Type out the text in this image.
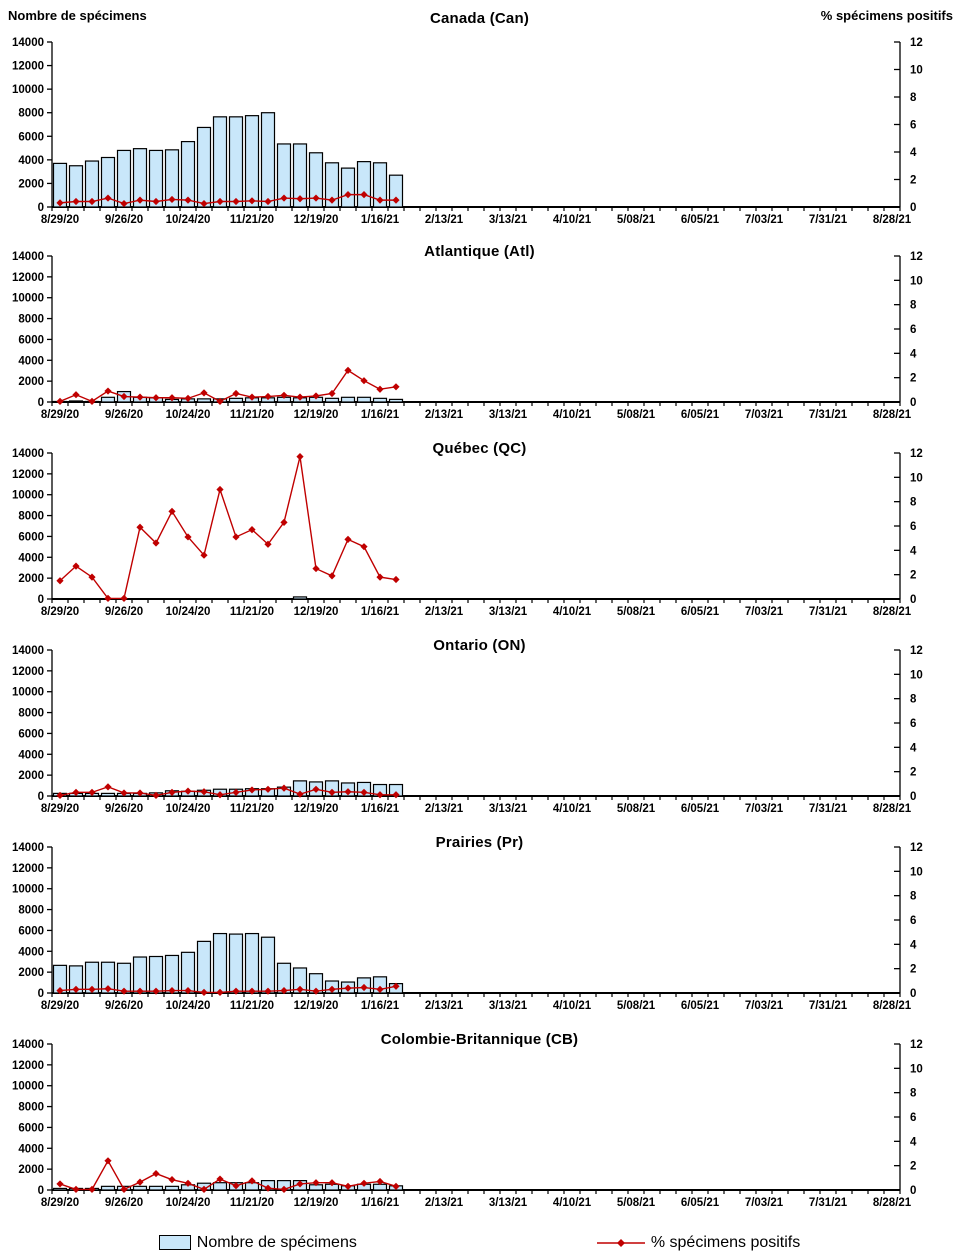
Nombre de spécimens	% spécimens positifs
Canada (Can)
0
2000
4000
6000
8000
10000
12000
14000
0
2
4
6
8
10
12
8/29/20 9/26/20 10/24/20 11/21/20 12/19/20 1/16/21 2/13/21 3/13/21 4/10/21 5/08/21 6/05/21 7/03/21 7/31/21 8/28/21
Atlantique (Atl)
0
2000
4000
6000
8000
10000
12000
14000
0
2
4
6
8
10
12
8/29/20 9/26/20 10/24/20 11/21/20 12/19/20 1/16/21 2/13/21 3/13/21 4/10/21 5/08/21 6/05/21 7/03/21 7/31/21 8/28/21
Québec (QC)
0
2000
4000
6000
8000
10000
12000
14000
0
2
4
6
8
10
12
8/29/20 9/26/20 10/24/20 11/21/20 12/19/20 1/16/21 2/13/21 3/13/21 4/10/21 5/08/21 6/05/21 7/03/21 7/31/21 8/28/21
Ontario (ON)
0
2000
4000
6000
8000
10000
12000
14000
0
2
4
6
8
10
12
8/29/20 9/26/20 10/24/20 11/21/20 12/19/20 1/16/21 2/13/21 3/13/21 4/10/21 5/08/21 6/05/21 7/03/21 7/31/21 8/28/21
Prairies (Pr)
0
2000
4000
6000
8000
10000
12000
14000
0
2
4
6
8
10
12
8/29/20 9/26/20 10/24/20 11/21/20 12/19/20 1/16/21 2/13/21 3/13/21 4/10/21 5/08/21 6/05/21 7/03/21 7/31/21 8/28/21
Colombie-Britannique (CB)
0
2000
4000
6000
8000
10000
12000
14000
0
2
4
6
8
10
12
8/29/20 9/26/20 10/24/20 11/21/20 12/19/20 1/16/21 2/13/21 3/13/21 4/10/21 5/08/21 6/05/21 7/03/21 7/31/21 8/28/21
Nombre de spécimens	% spécimens positifs
